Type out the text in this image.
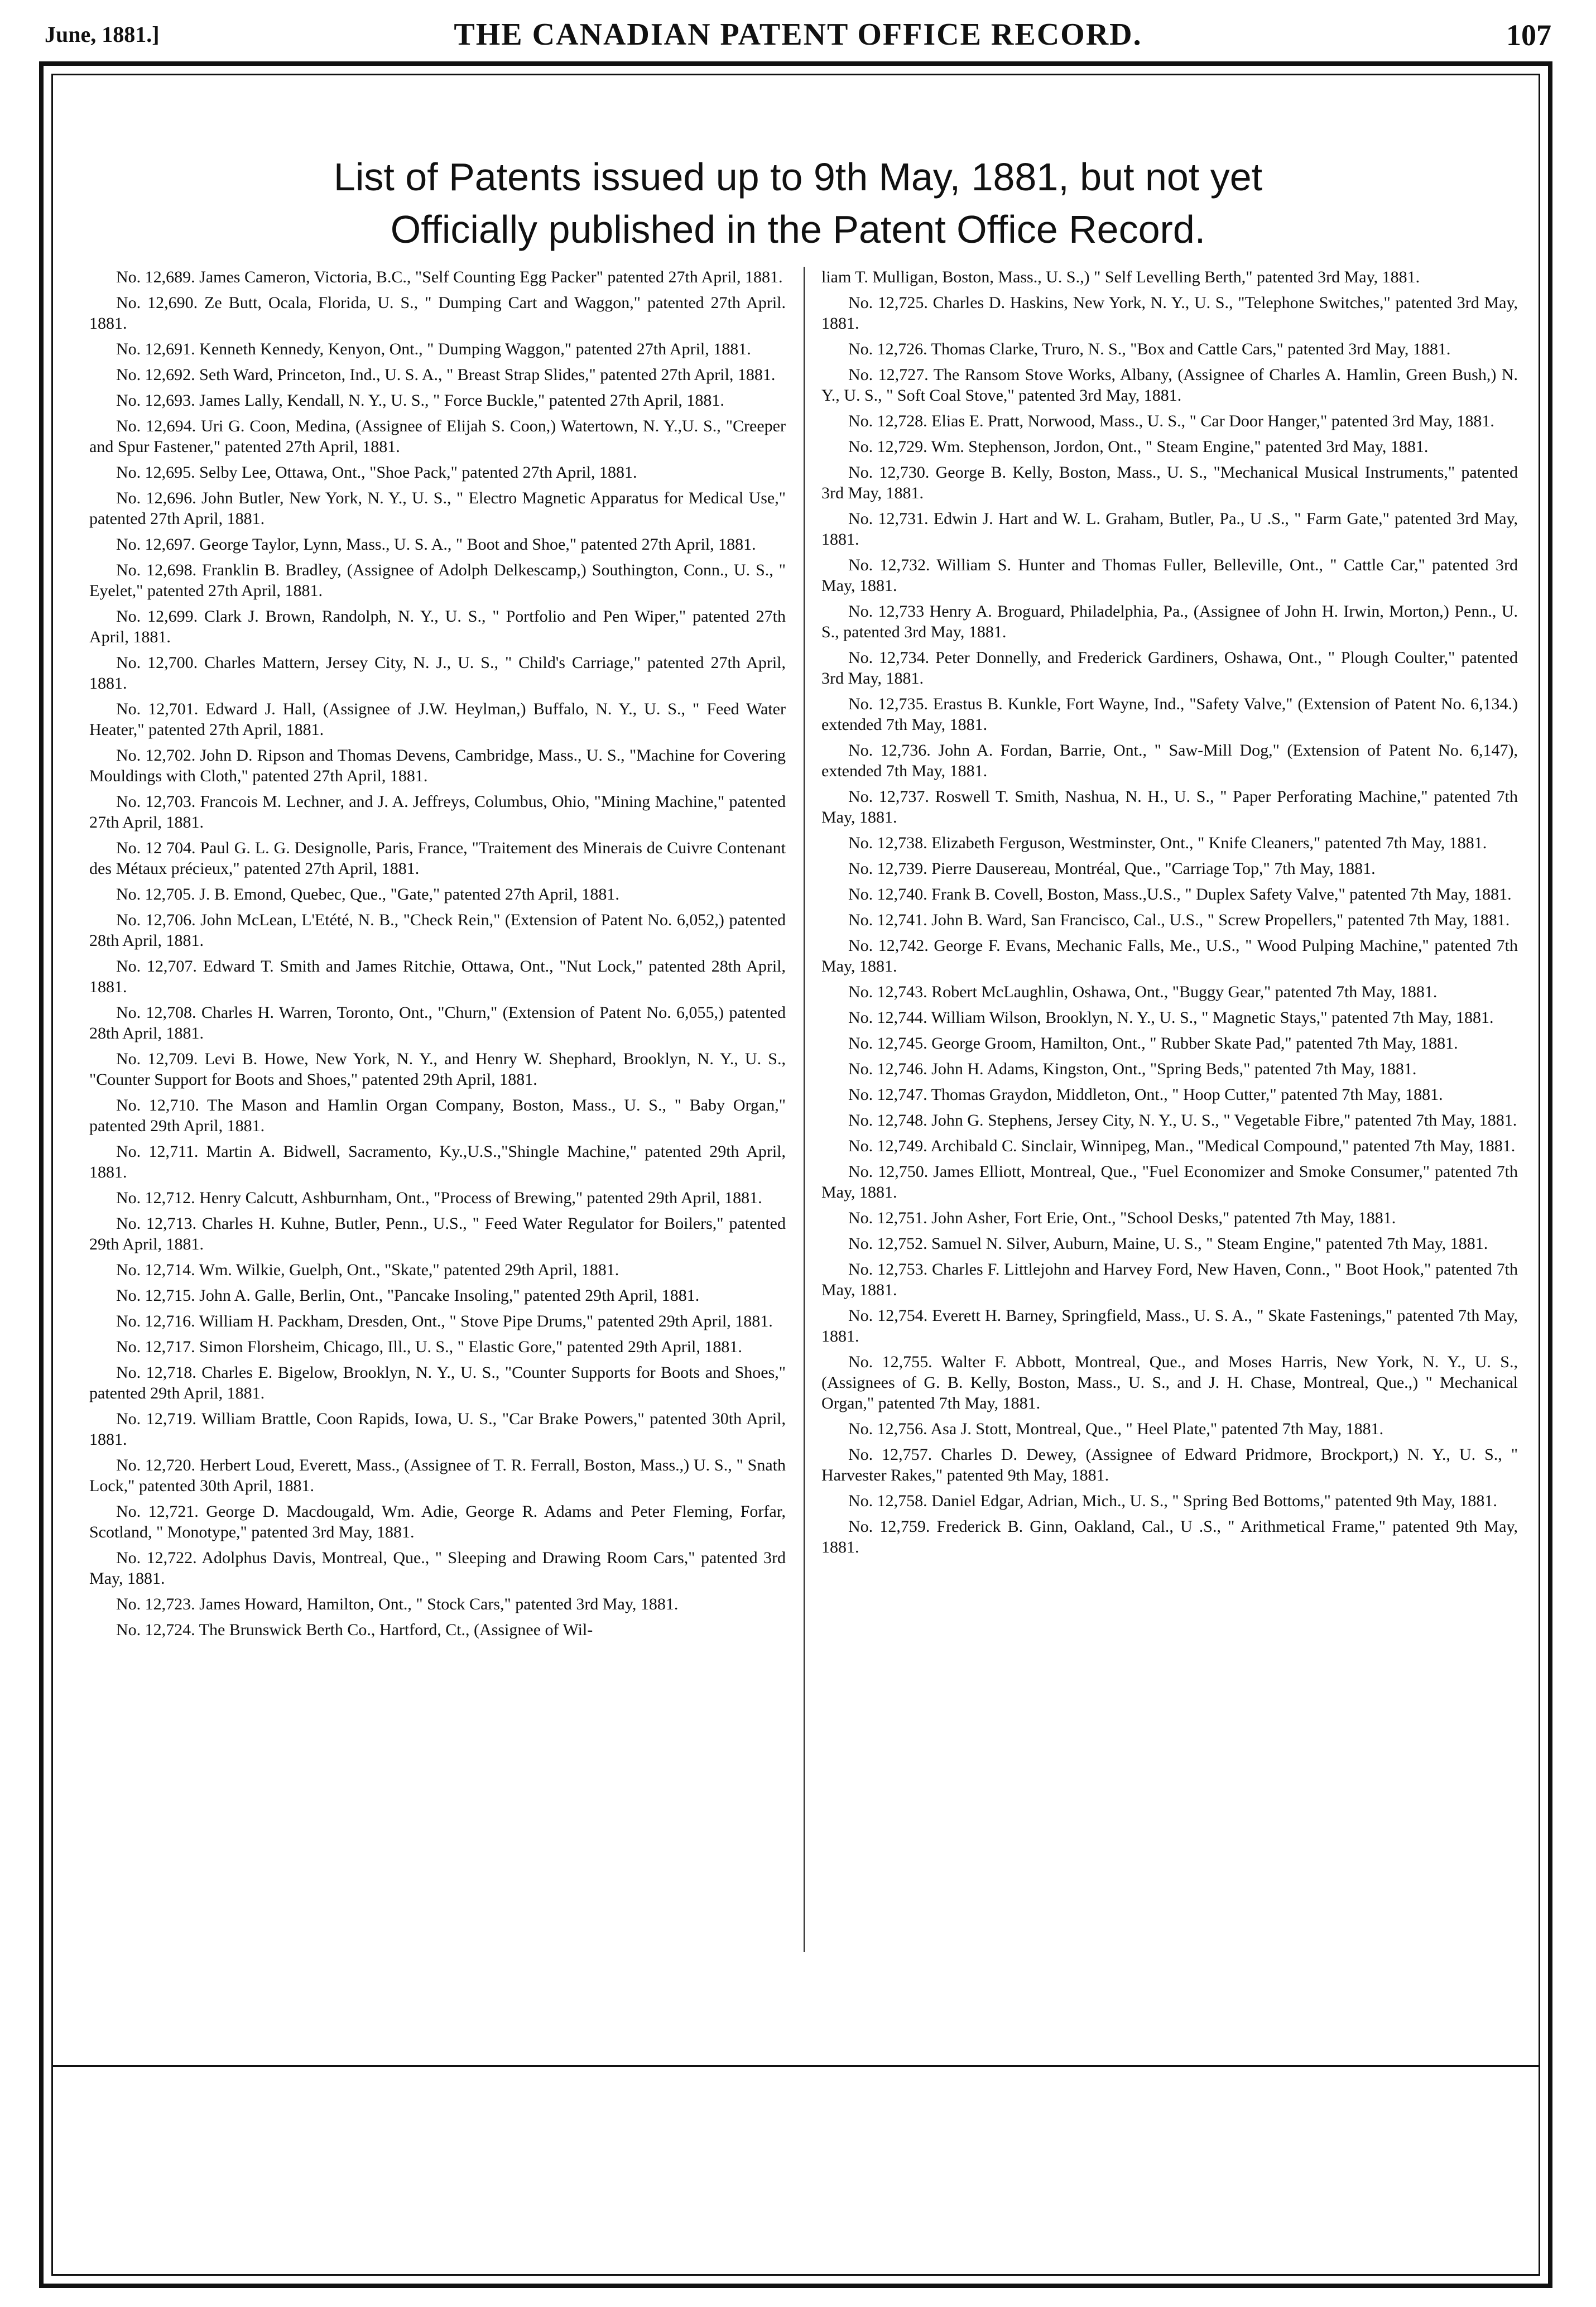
June, 1881.]	THE CANADIAN PATENT OFFICE RECORD.	107
List of Patents issued up to 9th May, 1881, but not yet
Officially published in the Patent Office Record.

No. 12,689. James Cameron, Victoria, B.C., "Self Counting Egg Packer" patented 27th April, 1881.

No. 12,690. Ze Butt, Ocala, Florida, U. S., " Dumping Cart and Waggon," patented 27th April. 1881.

No. 12,691. Kenneth Kennedy, Kenyon, Ont., " Dumping Waggon," patented 27th April, 1881.

No. 12,692. Seth Ward, Princeton, Ind., U. S. A., " Breast Strap Slides," patented 27th April, 1881.

No. 12,693. James Lally, Kendall, N. Y., U. S., " Force Buckle," patented 27th April, 1881.

No. 12,694. Uri G. Coon, Medina, (Assignee of Elijah S. Coon,) Watertown, N. Y.,U. S., "Creeper and Spur Fastener," patented 27th April, 1881.

No. 12,695. Selby Lee, Ottawa, Ont., "Shoe Pack," patented 27th April, 1881.

No. 12,696. John Butler, New York, N. Y., U. S., " Electro Magnetic Apparatus for Medical Use," patented 27th April, 1881.

No. 12,697. George Taylor, Lynn, Mass., U. S. A., " Boot and Shoe," patented 27th April, 1881.

No. 12,698. Franklin B. Bradley, (Assignee of Adolph Delkescamp,) Southington, Conn., U. S., " Eyelet," patented 27th April, 1881.

No. 12,699. Clark J. Brown, Randolph, N. Y., U. S., " Portfolio and Pen Wiper," patented 27th April, 1881.

No. 12,700. Charles Mattern, Jersey City, N. J., U. S., " Child's Carriage," patented 27th April, 1881.

No. 12,701. Edward J. Hall, (Assignee of J.W. Heylman,) Buffalo, N. Y., U. S., " Feed Water Heater," patented 27th April, 1881.

No. 12,702. John D. Ripson and Thomas Devens, Cambridge, Mass., U. S., "Machine for Covering Mouldings with Cloth," patented 27th April, 1881.

No. 12,703. Francois M. Lechner, and J. A. Jeffreys, Columbus, Ohio, "Mining Machine," patented 27th April, 1881.

No. 12 704. Paul G. L. G. Designolle, Paris, France, "Traitement des Minerais de Cuivre Contenant des Métaux précieux," patented 27th April, 1881.

No. 12,705. J. B. Emond, Quebec, Que., "Gate," patented 27th April, 1881.

No. 12,706. John McLean, L'Etété, N. B., "Check Rein," (Extension of Patent No. 6,052,) patented 28th April, 1881.

No. 12,707. Edward T. Smith and James Ritchie, Ottawa, Ont., "Nut Lock," patented 28th April, 1881.

No. 12,708. Charles H. Warren, Toronto, Ont., "Churn," (Extension of Patent No. 6,055,) patented 28th April, 1881.

No. 12,709. Levi B. Howe, New York, N. Y., and Henry W. Shephard, Brooklyn, N. Y., U. S., "Counter Support for Boots and Shoes," patented 29th April, 1881.

No. 12,710. The Mason and Hamlin Organ Company, Boston, Mass., U. S., " Baby Organ," patented 29th April, 1881.

No. 12,711. Martin A. Bidwell, Sacramento, Ky.,U.S.,"Shingle Machine," patented 29th April, 1881.

No. 12,712. Henry Calcutt, Ashburnham, Ont., "Process of Brewing," patented 29th April, 1881.

No. 12,713. Charles H. Kuhne, Butler, Penn., U.S., " Feed Water Regulator for Boilers," patented 29th April, 1881.

No. 12,714. Wm. Wilkie, Guelph, Ont., "Skate," patented 29th April, 1881.

No. 12,715. John A. Galle, Berlin, Ont., "Pancake Insoling," patented 29th April, 1881.

No. 12,716. William H. Packham, Dresden, Ont., " Stove Pipe Drums," patented 29th April, 1881.

No. 12,717. Simon Florsheim, Chicago, Ill., U. S., " Elastic Gore," patented 29th April, 1881.

No. 12,718. Charles E. Bigelow, Brooklyn, N. Y., U. S., "Counter Supports for Boots and Shoes," patented 29th April, 1881.

No. 12,719. William Brattle, Coon Rapids, Iowa, U. S., "Car Brake Powers," patented 30th April, 1881.

No. 12,720. Herbert Loud, Everett, Mass., (Assignee of T. R. Ferrall, Boston, Mass.,) U. S., " Snath Lock," patented 30th April, 1881.

No. 12,721. George D. Macdougald, Wm. Adie, George R. Adams and Peter Fleming, Forfar, Scotland, " Monotype," patented 3rd May, 1881.

No. 12,722. Adolphus Davis, Montreal, Que., " Sleeping and Drawing Room Cars," patented 3rd May, 1881.

No. 12,723. James Howard, Hamilton, Ont., " Stock Cars," patented 3rd May, 1881.

No. 12,724. The Brunswick Berth Co., Hartford, Ct., (Assignee of Wil-

liam T. Mulligan, Boston, Mass., U. S.,) " Self Levelling Berth," patented 3rd May, 1881.

No. 12,725. Charles D. Haskins, New York, N. Y., U. S., "Telephone Switches," patented 3rd May, 1881.

No. 12,726. Thomas Clarke, Truro, N. S., "Box and Cattle Cars," patented 3rd May, 1881.

No. 12,727. The Ransom Stove Works, Albany, (Assignee of Charles A. Hamlin, Green Bush,) N. Y., U. S., " Soft Coal Stove," patented 3rd May, 1881.

No. 12,728. Elias E. Pratt, Norwood, Mass., U. S., " Car Door Hanger," patented 3rd May, 1881.

No. 12,729. Wm. Stephenson, Jordon, Ont., " Steam Engine," patented 3rd May, 1881.

No. 12,730. George B. Kelly, Boston, Mass., U. S., "Mechanical Musical Instruments," patented 3rd May, 1881.

No. 12,731. Edwin J. Hart and W. L. Graham, Butler, Pa., U .S., " Farm Gate," patented 3rd May, 1881.

No. 12,732. William S. Hunter and Thomas Fuller, Belleville, Ont., " Cattle Car," patented 3rd May, 1881.

No. 12,733 Henry A. Broguard, Philadelphia, Pa., (Assignee of John H. Irwin, Morton,) Penn., U. S., patented 3rd May, 1881.

No. 12,734. Peter Donnelly, and Frederick Gardiners, Oshawa, Ont., " Plough Coulter," patented 3rd May, 1881.

No. 12,735. Erastus B. Kunkle, Fort Wayne, Ind., "Safety Valve," (Extension of Patent No. 6,134.) extended 7th May, 1881.

No. 12,736. John A. Fordan, Barrie, Ont., " Saw-Mill Dog," (Extension of Patent No. 6,147), extended 7th May, 1881.

No. 12,737. Roswell T. Smith, Nashua, N. H., U. S., " Paper Perforating Machine," patented 7th May, 1881.

No. 12,738. Elizabeth Ferguson, Westminster, Ont., " Knife Cleaners," patented 7th May, 1881.

No. 12,739. Pierre Dausereau, Montréal, Que., "Carriage Top," 7th May, 1881.

No. 12,740. Frank B. Covell, Boston, Mass.,U.S., " Duplex Safety Valve," patented 7th May, 1881.

No. 12,741. John B. Ward, San Francisco, Cal., U.S., " Screw Propellers," patented 7th May, 1881.

No. 12,742. George F. Evans, Mechanic Falls, Me., U.S., " Wood Pulping Machine," patented 7th May, 1881.

No. 12,743. Robert McLaughlin, Oshawa, Ont., "Buggy Gear," patented 7th May, 1881.

No. 12,744. William Wilson, Brooklyn, N. Y., U. S., " Magnetic Stays," patented 7th May, 1881.

No. 12,745. George Groom, Hamilton, Ont., " Rubber Skate Pad," patented 7th May, 1881.

No. 12,746. John H. Adams, Kingston, Ont., "Spring Beds," patented 7th May, 1881.

No. 12,747. Thomas Graydon, Middleton, Ont., " Hoop Cutter," patented 7th May, 1881.

No. 12,748. John G. Stephens, Jersey City, N. Y., U. S., " Vegetable Fibre," patented 7th May, 1881.

No. 12,749. Archibald C. Sinclair, Winnipeg, Man., "Medical Compound," patented 7th May, 1881.

No. 12,750. James Elliott, Montreal, Que., "Fuel Economizer and Smoke Consumer," patented 7th May, 1881.

No. 12,751. John Asher, Fort Erie, Ont., "School Desks," patented 7th May, 1881.

No. 12,752. Samuel N. Silver, Auburn, Maine, U. S., " Steam Engine," patented 7th May, 1881.

No. 12,753. Charles F. Littlejohn and Harvey Ford, New Haven, Conn., " Boot Hook," patented 7th May, 1881.

No. 12,754. Everett H. Barney, Springfield, Mass., U. S. A., " Skate Fastenings," patented 7th May, 1881.

No. 12,755. Walter F. Abbott, Montreal, Que., and Moses Harris, New York, N. Y., U. S., (Assignees of G. B. Kelly, Boston, Mass., U. S., and J. H. Chase, Montreal, Que.,) " Mechanical Organ," patented 7th May, 1881.

No. 12,756. Asa J. Stott, Montreal, Que., " Heel Plate," patented 7th May, 1881.

No. 12,757. Charles D. Dewey, (Assignee of Edward Pridmore, Brockport,) N. Y., U. S., " Harvester Rakes," patented 9th May, 1881.

No. 12,758. Daniel Edgar, Adrian, Mich., U. S., " Spring Bed Bottoms," patented 9th May, 1881.

No. 12,759. Frederick B. Ginn, Oakland, Cal., U .S., " Arithmetical Frame," patented 9th May, 1881.
